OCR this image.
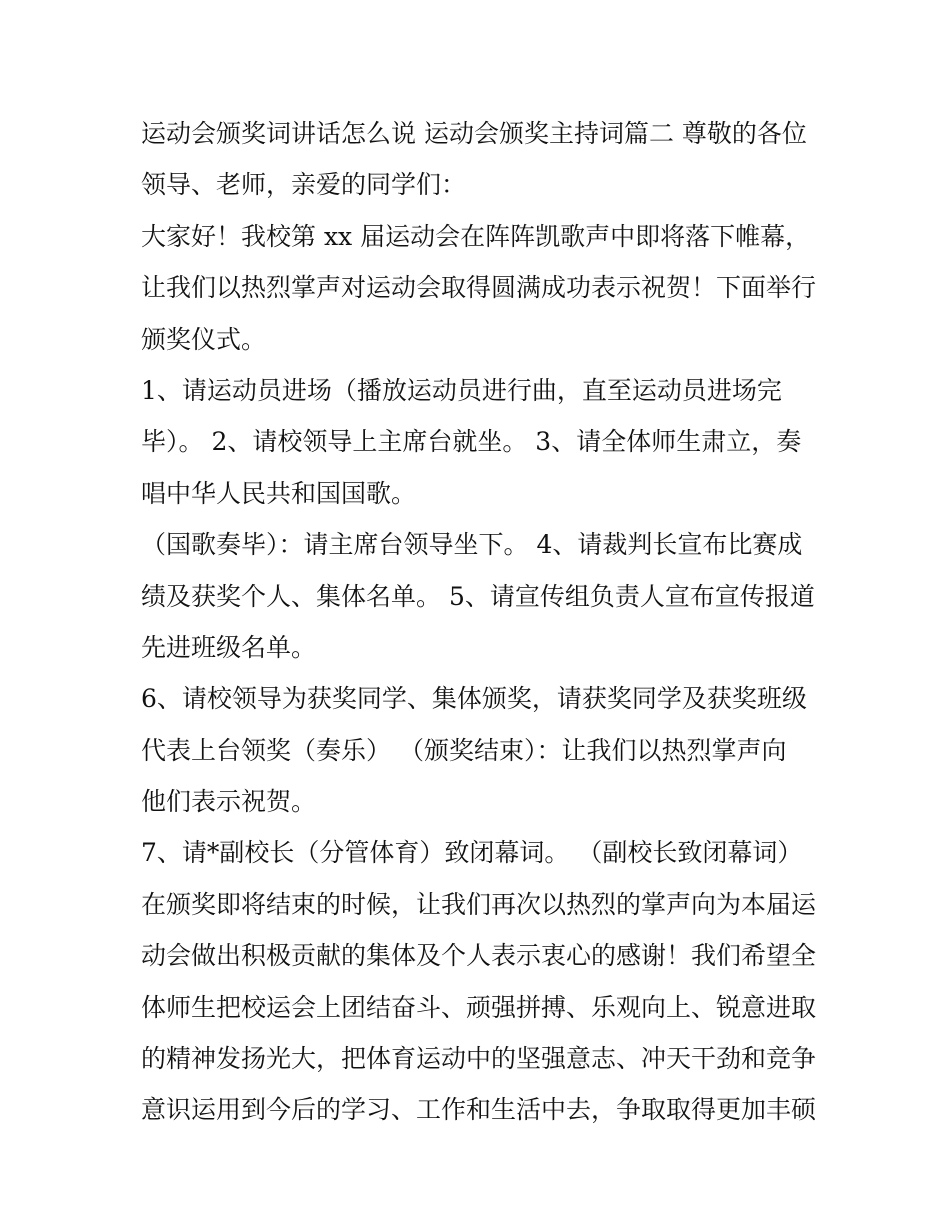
运动会颁奖词讲话怎么说 运动会颁奖主持词篇二 尊敬的各位
领导、老师，亲爱的同学们：
大家好！我校第 xx 届运动会在阵阵凯歌声中即将落下帷幕，
让我们以热烈掌声对运动会取得圆满成功表示祝贺！下面举行
颁奖仪式。
1、请运动员进场（播放运动员进行曲，直至运动员进场完
毕）。 2、请校领导上主席台就坐。 3、请全体师生肃立，奏
唱中华人民共和国国歌。
（国歌奏毕）：请主席台领导坐下。 4、请裁判长宣布比赛成
绩及获奖个人、集体名单。 5、请宣传组负责人宣布宣传报道
先进班级名单。
6、请校领导为获奖同学、集体颁奖，请获奖同学及获奖班级
代表上台领奖（奏乐） （颁奖结束）：让我们以热烈掌声向
他们表示祝贺。
7、请*副校长（分管体育）致闭幕词。 （副校长致闭幕词）
在颁奖即将结束的时候，让我们再次以热烈的掌声向为本届运
动会做出积极贡献的集体及个人表示衷心的感谢！我们希望全
体师生把校运会上团结奋斗、顽强拼搏、乐观向上、锐意进取
的精神发扬光大，把体育运动中的坚强意志、冲天干劲和竞争
意识运用到今后的学习、工作和生活中去，争取取得更加丰硕
